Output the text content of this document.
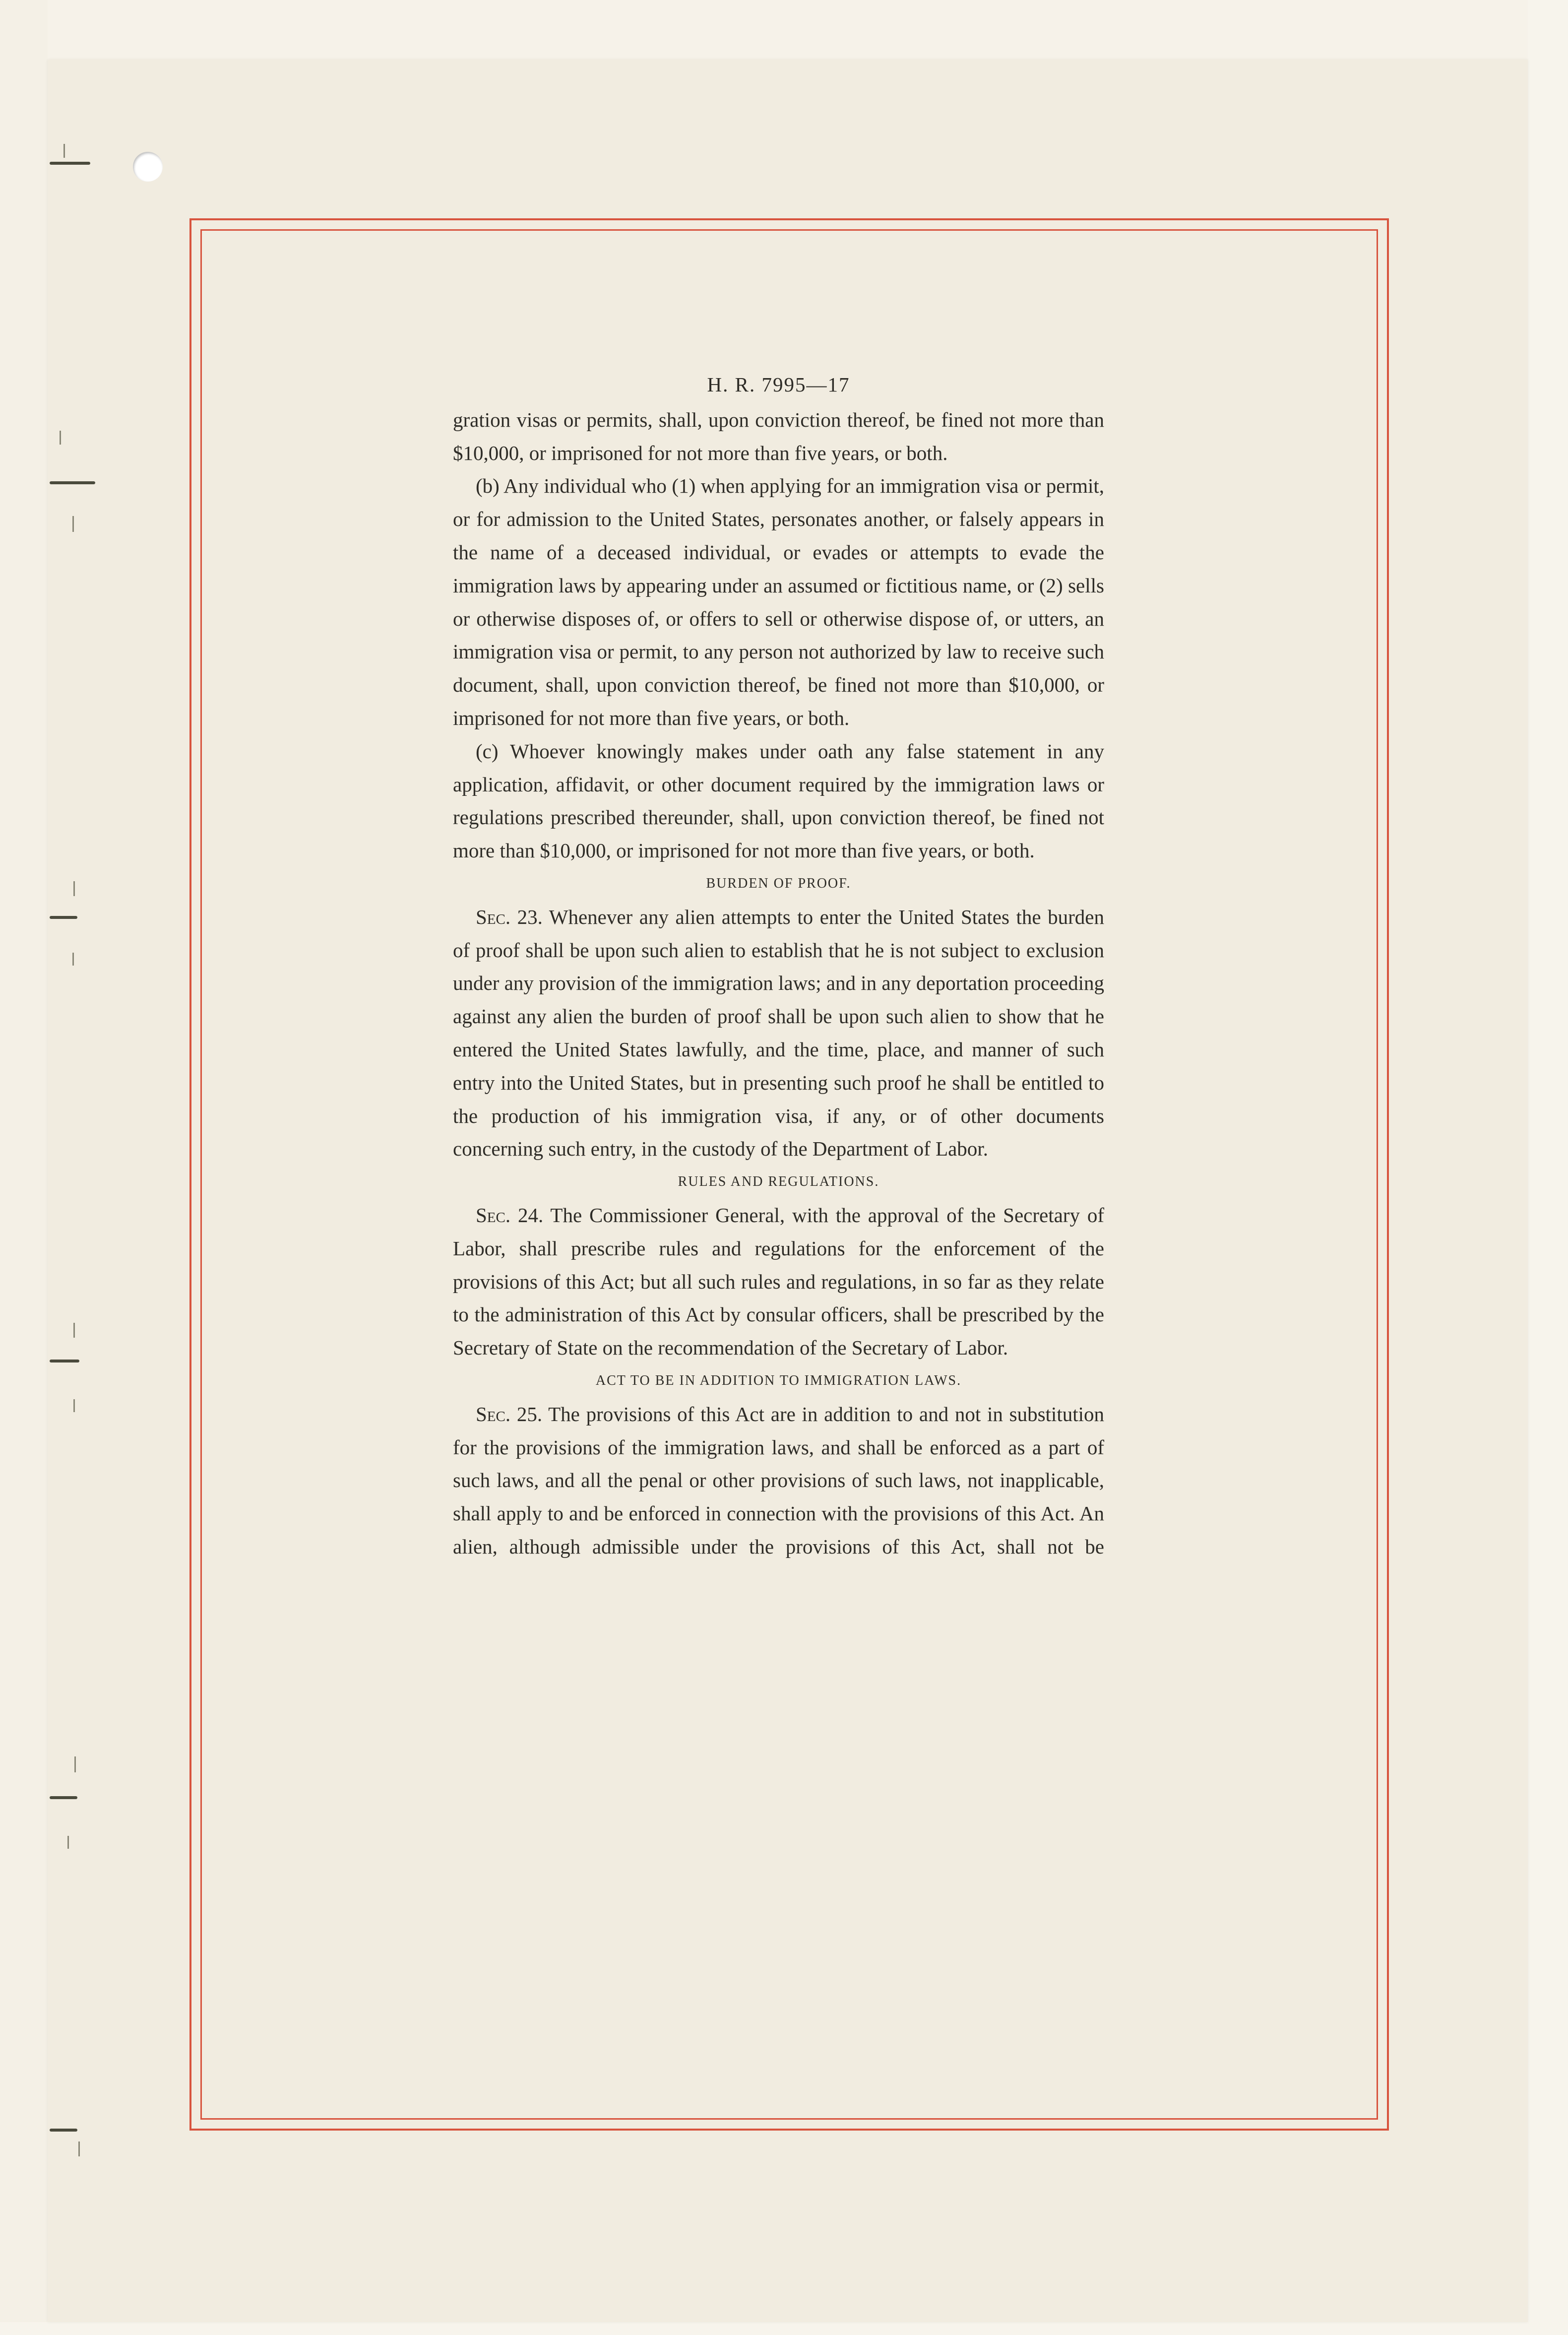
H. R. 7995—17

gration visas or permits, shall, upon conviction thereof, be fined not more than $10,000, or imprisoned for not more than five years, or both.

(b) Any individual who (1) when applying for an immigration visa or permit, or for admission to the United States, personates another, or falsely appears in the name of a deceased individual, or evades or attempts to evade the immigration laws by appearing under an assumed or fictitious name, or (2) sells or otherwise disposes of, or offers to sell or otherwise dispose of, or utters, an immigration visa or permit, to any person not authorized by law to receive such document, shall, upon conviction thereof, be fined not more than $10,000, or imprisoned for not more than five years, or both.

(c) Whoever knowingly makes under oath any false statement in any application, affidavit, or other document required by the immigration laws or regulations prescribed thereunder, shall, upon conviction thereof, be fined not more than $10,000, or imprisoned for not more than five years, or both.

BURDEN OF PROOF.

Sec. 23. Whenever any alien attempts to enter the United States the burden of proof shall be upon such alien to establish that he is not subject to exclusion under any provision of the immigration laws; and in any deportation proceeding against any alien the burden of proof shall be upon such alien to show that he entered the United States lawfully, and the time, place, and manner of such entry into the United States, but in presenting such proof he shall be entitled to the production of his immigration visa, if any, or of other documents concerning such entry, in the custody of the Department of Labor.

RULES AND REGULATIONS.

Sec. 24. The Commissioner General, with the approval of the Secretary of Labor, shall prescribe rules and regulations for the enforcement of the provisions of this Act; but all such rules and regulations, in so far as they relate to the administration of this Act by consular officers, shall be prescribed by the Secretary of State on the recommendation of the Secretary of Labor.

ACT TO BE IN ADDITION TO IMMIGRATION LAWS.

Sec. 25. The provisions of this Act are in addition to and not in substitution for the provisions of the immigration laws, and shall be enforced as a part of such laws, and all the penal or other provisions of such laws, not inapplicable, shall apply to and be enforced in connection with the provisions of this Act. An alien, although admissible under the provisions of this Act, shall not be
